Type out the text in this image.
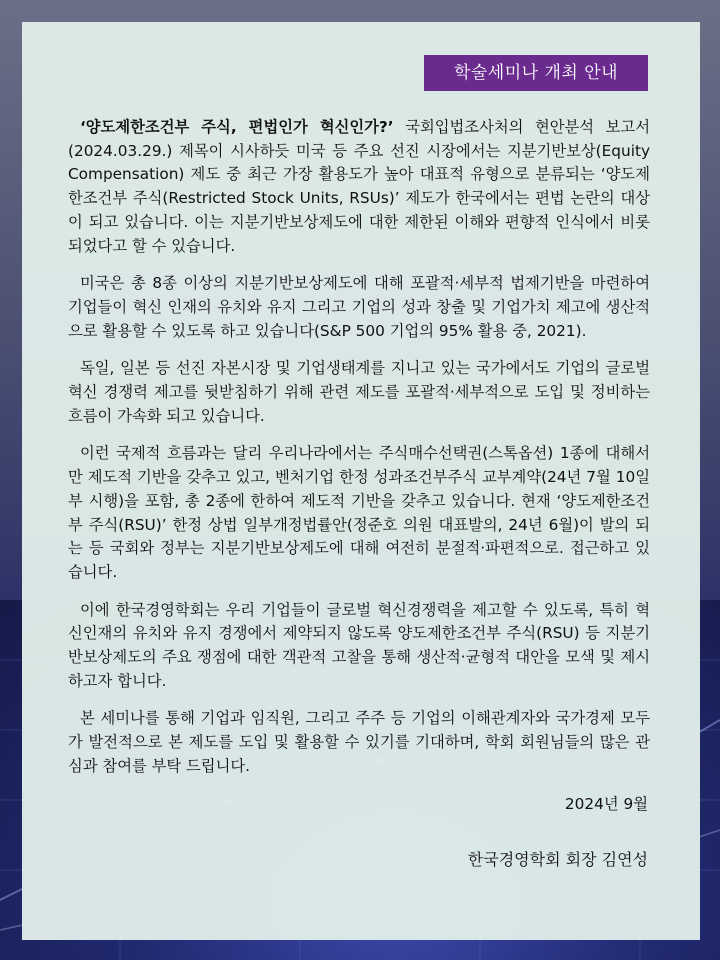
학술세미나 개최 안내

‘양도제한조건부 주식, 편법인가 혁신인가?’ 국회입법조사처의 현안분석 보고서 (2024.03.29.) 제목이 시사하듯 미국 등 주요 선진 시장에서는 지분기반보상(Equity Compensation) 제도 중 최근 가장 활용도가 높아 대표적 유형으로 분류되는 ‘양도제한조건부 주식(Restricted Stock Units, RSUs)’ 제도가 한국에서는 편법 논란의 대상이 되고 있습니다. 이는 지분기반보상제도에 대한 제한된 이해와 편향적 인식에서 비롯되었다고 할 수 있습니다.

미국은 총 8종 이상의 지분기반보상제도에 대해 포괄적·세부적 법제기반을 마련하여 기업들이 혁신 인재의 유치와 유지 그리고 기업의 성과 창출 및 기업가치 제고에 생산적으로 활용할 수 있도록 하고 있습니다(S&P 500 기업의 95% 활용 중, 2021).

독일, 일본 등 선진 자본시장 및 기업생태계를 지니고 있는 국가에서도 기업의 글로벌 혁신 경쟁력 제고를 뒷받침하기 위해 관련 제도를 포괄적·세부적으로 도입 및 정비하는 흐름이 가속화 되고 있습니다.

이런 국제적 흐름과는 달리 우리나라에서는 주식매수선택권(스톡옵션) 1종에 대해서만 제도적 기반을 갖추고 있고, 벤처기업 한정 성과조건부주식 교부계약(24년 7월 10일 부 시행)을 포함, 총 2종에 한하여 제도적 기반을 갖추고 있습니다. 현재 ‘양도제한조건부 주식(RSU)’ 한정 상법 일부개정법률안(정준호 의원 대표발의, 24년 6월)이 발의 되는 등 국회와 정부는 지분기반보상제도에 대해 여전히 분절적·파편적으로. 접근하고 있습니다.

이에 한국경영학회는 우리 기업들이 글로벌 혁신경쟁력을 제고할 수 있도록, 특히 혁신인재의 유치와 유지 경쟁에서 제약되지 않도록 양도제한조건부 주식(RSU) 등 지분기반보상제도의 주요 쟁점에 대한 객관적 고찰을 통해 생산적·균형적 대안을 모색 및 제시하고자 합니다.

본 세미나를 통해 기업과 임직원, 그리고 주주 등 기업의 이해관계자와 국가경제 모두가 발전적으로 본 제도를 도입 및 활용할 수 있기를 기대하며, 학회 회원님들의 많은 관심과 참여를 부탁 드립니다.

2024년 9월
한국경영학회 회장 김연성
